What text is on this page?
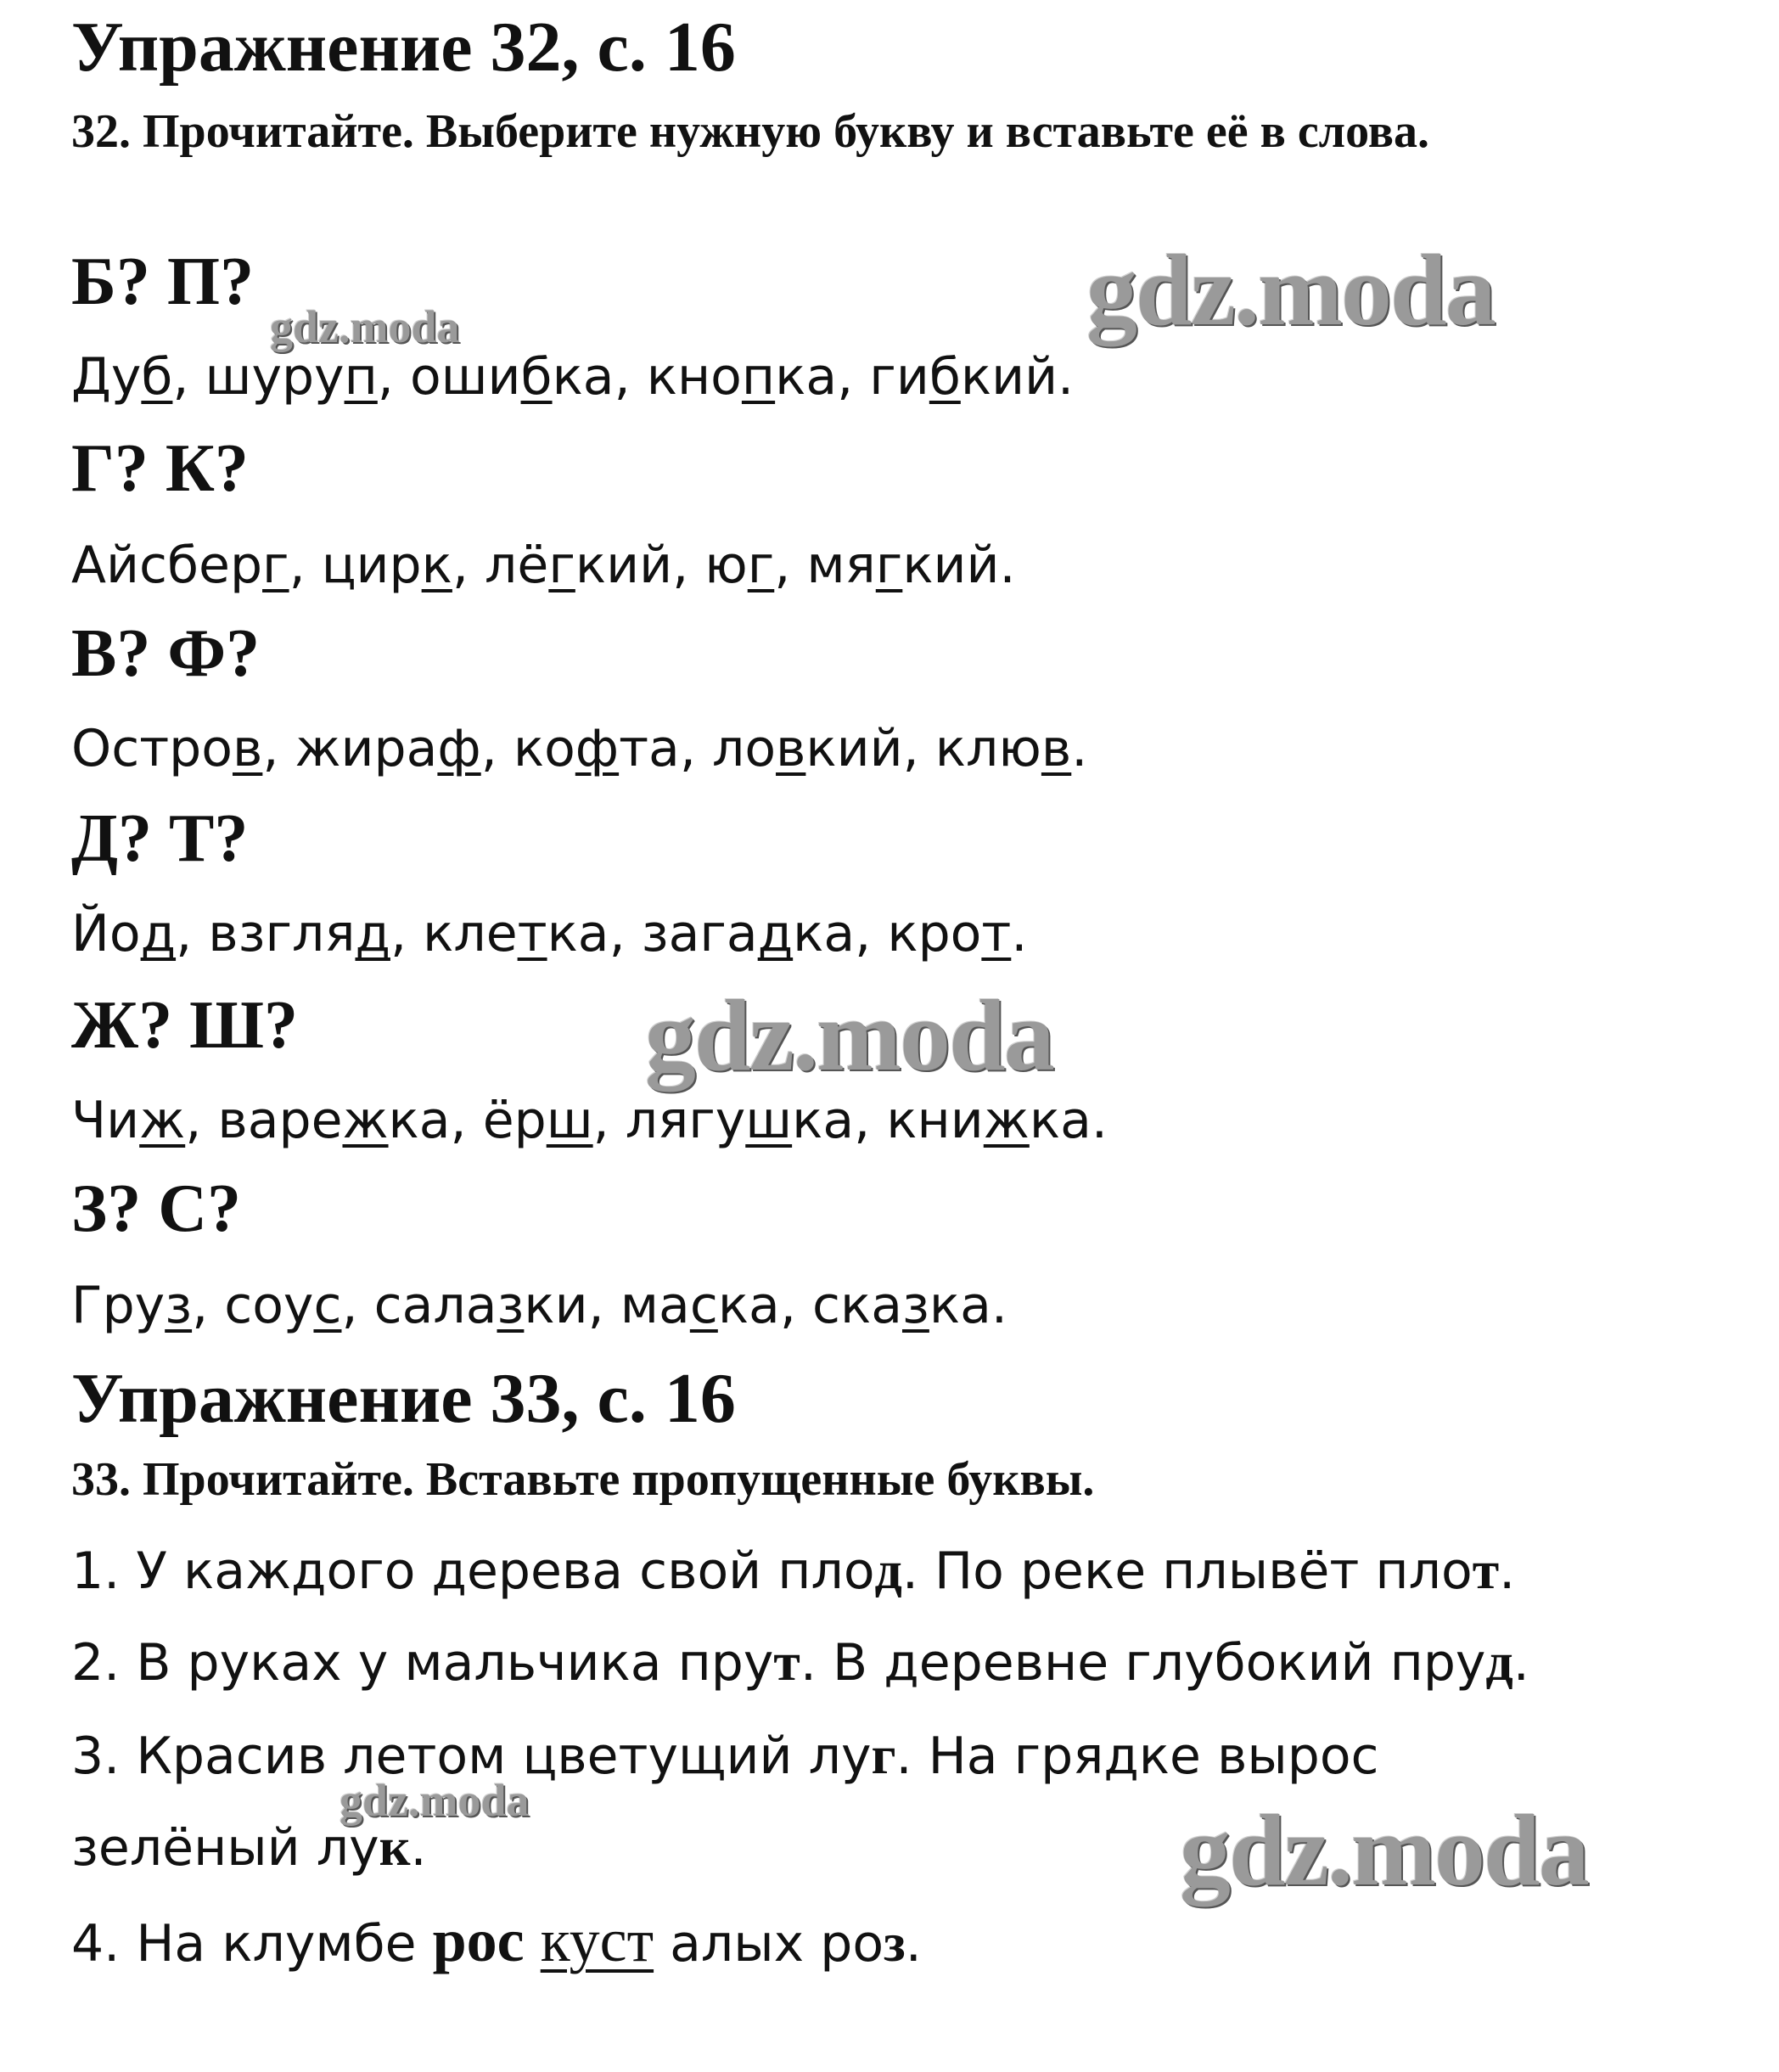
Упражнение 32, с. 16

32. Прочитайте. Выберите нужную букву и вставьте её в слова.

gdz.moda
gdz.moda
Б? П?
Дуб, шуруп, ошибка, кнопка, гибкий.
Г? К?
Айсберг, цирк, лёгкий, юг, мягкий.
В? Ф?
Остров, жираф, кофта, ловкий, клюв.
Д? Т?
Йод, взгляд, клетка, загадка, крот.
gdz.moda
Ж? Ш?
Чиж, варежка, ёрш, лягушка, книжка.
З? С?
Груз, соус, салазки, маска, сказка.
Упражнение 33, с. 16

33. Прочитайте. Вставьте пропущенные буквы.

1. У каждого дерева свой плод. По реке плывёт плот.
2. В руках у мальчика прут. В деревне глубокий пруд.
3. Красив летом цветущий луг. На грядке вырос
gdz.moda	gdz.moda
зелёный лук.
4. На клумбе рос куст алых роз.
